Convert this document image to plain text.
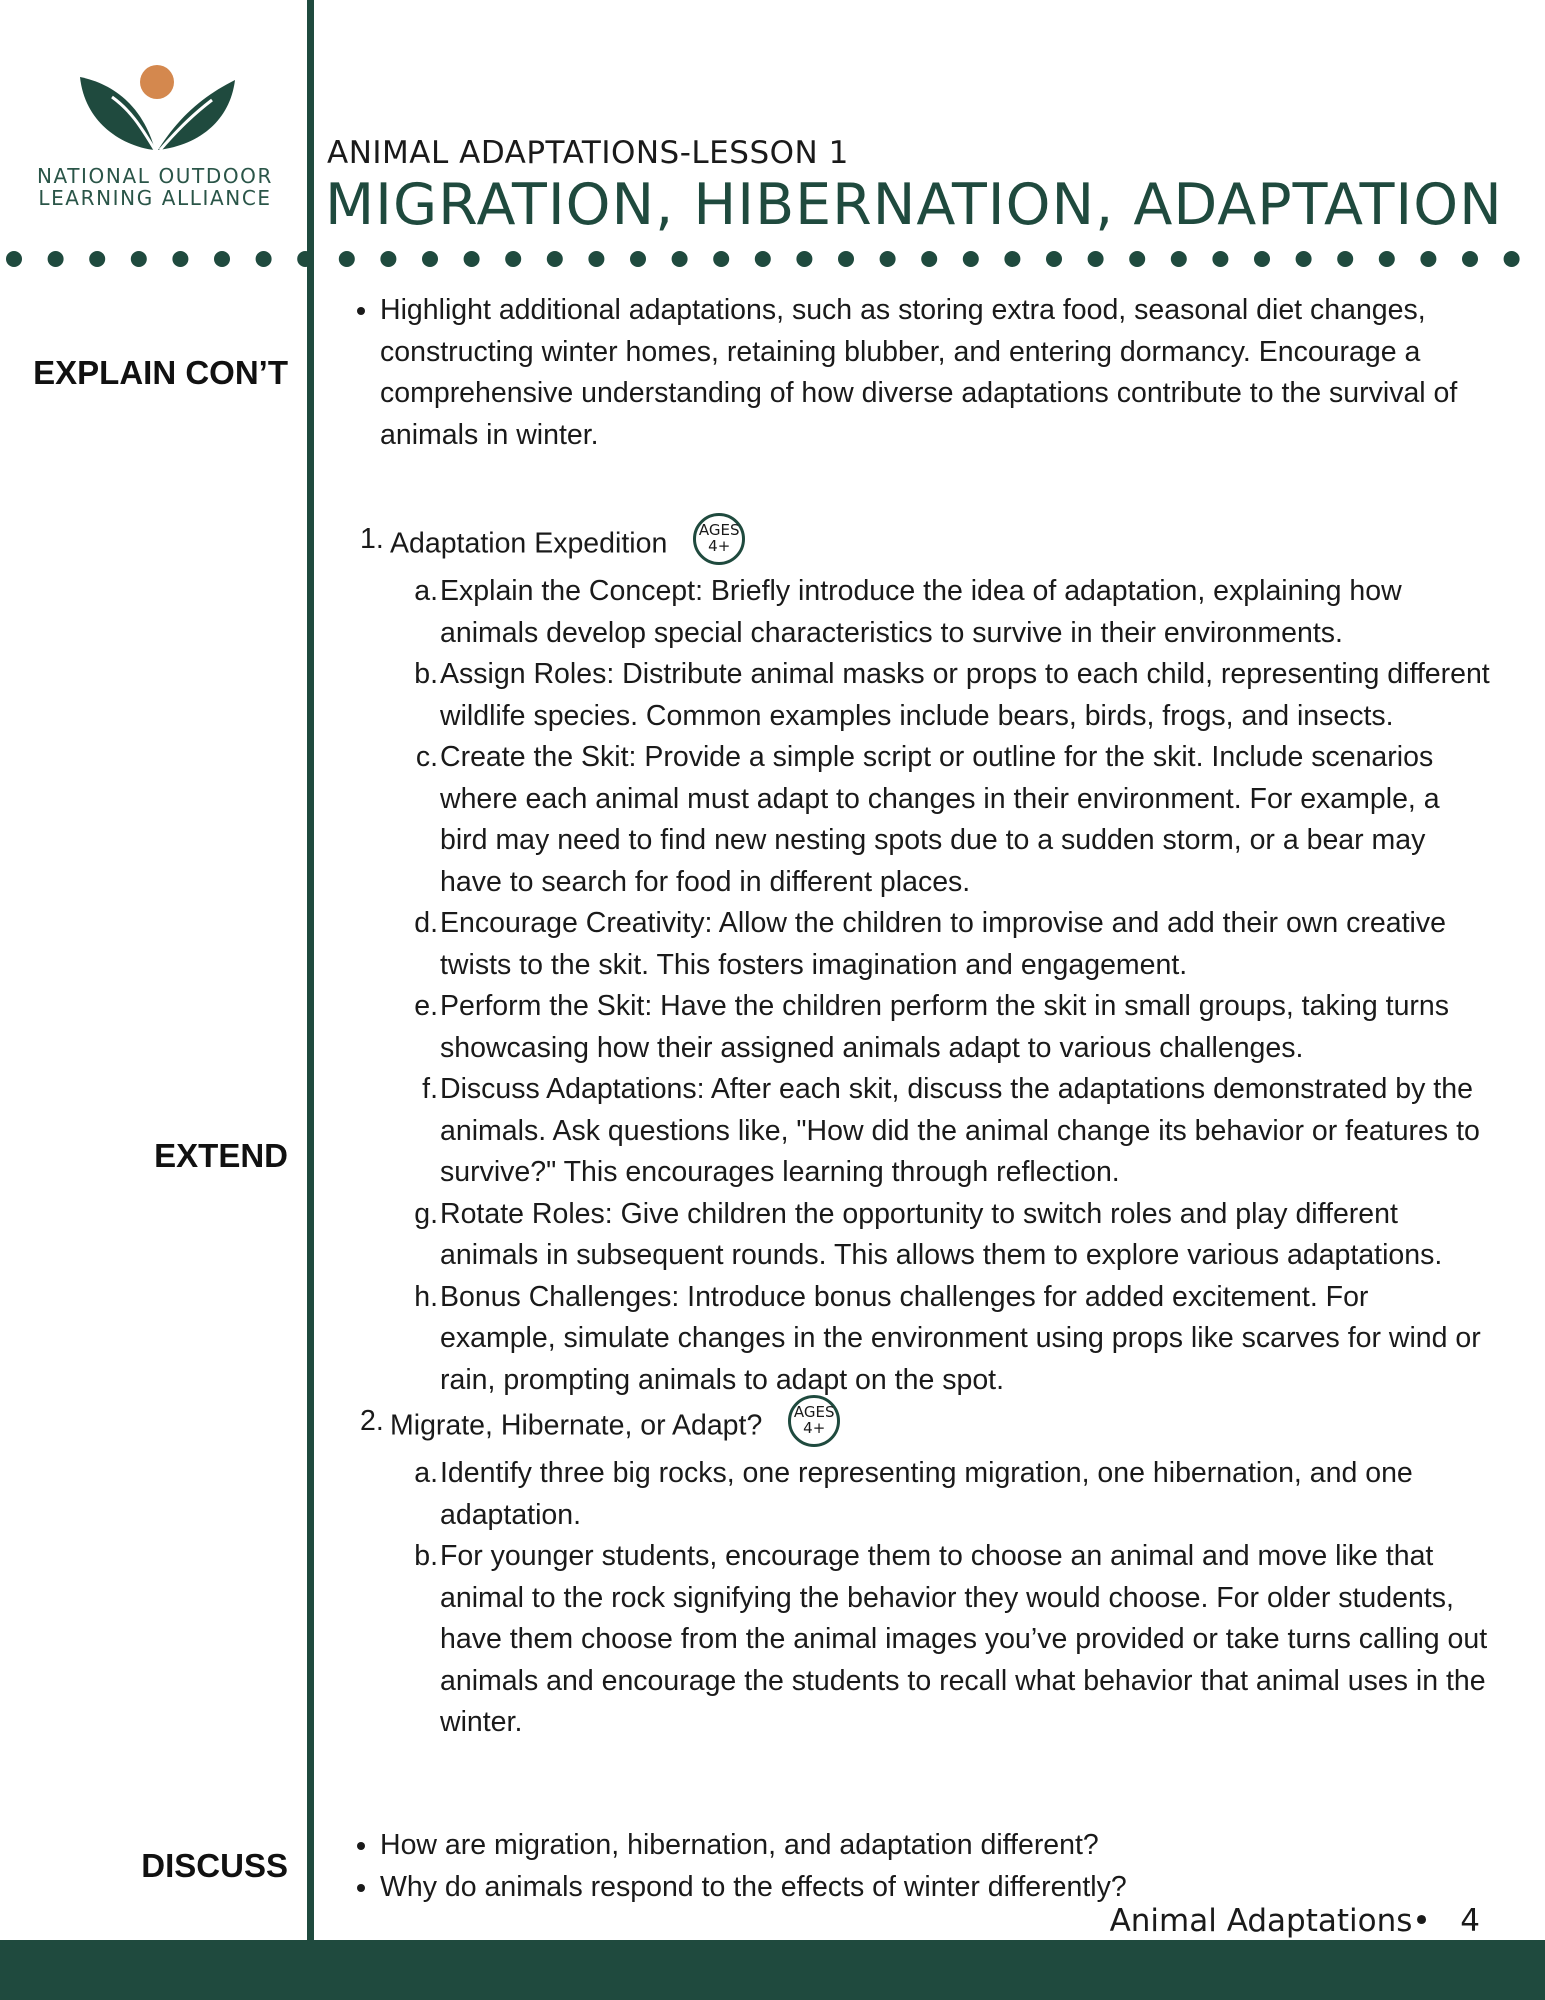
NATIONAL OUTDOOR
LEARNING ALLIANCE
ANIMAL ADAPTATIONS-LESSON 1
MIGRATION, HIBERNATION, ADAPTATION
EXPLAIN CON’T
EXTEND
DISCUSS
• Highlight additional adaptations, such as storing extra food, seasonal diet changes, constructing winter homes, retaining blubber, and entering dormancy. Encourage a comprehensive understanding of how diverse adaptations contribute to the survival of animals in winter.
1. Adaptation Expedition AGES
4+
a. Explain the Concept: Briefly introduce the idea of adaptation, explaining how animals develop special characteristics to survive in their environments.
b. Assign Roles: Distribute animal masks or props to each child, representing different wildlife species. Common examples include bears, birds, frogs, and insects.
c. Create the Skit: Provide a simple script or outline for the skit. Include scenarios where each animal must adapt to changes in their environment. For example, a bird may need to find new nesting spots due to a sudden storm, or a bear may have to search for food in different places.
d. Encourage Creativity: Allow the children to improvise and add their own creative twists to the skit. This fosters imagination and engagement.
e. Perform the Skit: Have the children perform the skit in small groups, taking turns showcasing how their assigned animals adapt to various challenges.
f. Discuss Adaptations: After each skit, discuss the adaptations demonstrated by the animals. Ask questions like, "How did the animal change its behavior or features to survive?" This encourages learning through reflection.
g. Rotate Roles: Give children the opportunity to switch roles and play different animals in subsequent rounds. This allows them to explore various adaptations.
h. Bonus Challenges: Introduce bonus challenges for added excitement. For example, simulate changes in the environment using props like scarves for wind or rain, prompting animals to adapt on the spot.
2. Migrate, Hibernate, or Adapt? AGES
4+
a. Identify three big rocks, one representing migration, one hibernation, and one adaptation.
b. For younger students, encourage them to choose an animal and move like that animal to the rock signifying the behavior they would choose. For older students, have them choose from the animal images you’ve provided or take turns calling out animals and encourage the students to recall what behavior that animal uses in the winter.
• How are migration, hibernation, and adaptation different?
• Why do animals respond to the effects of winter differently?
Animal Adaptations•   4
